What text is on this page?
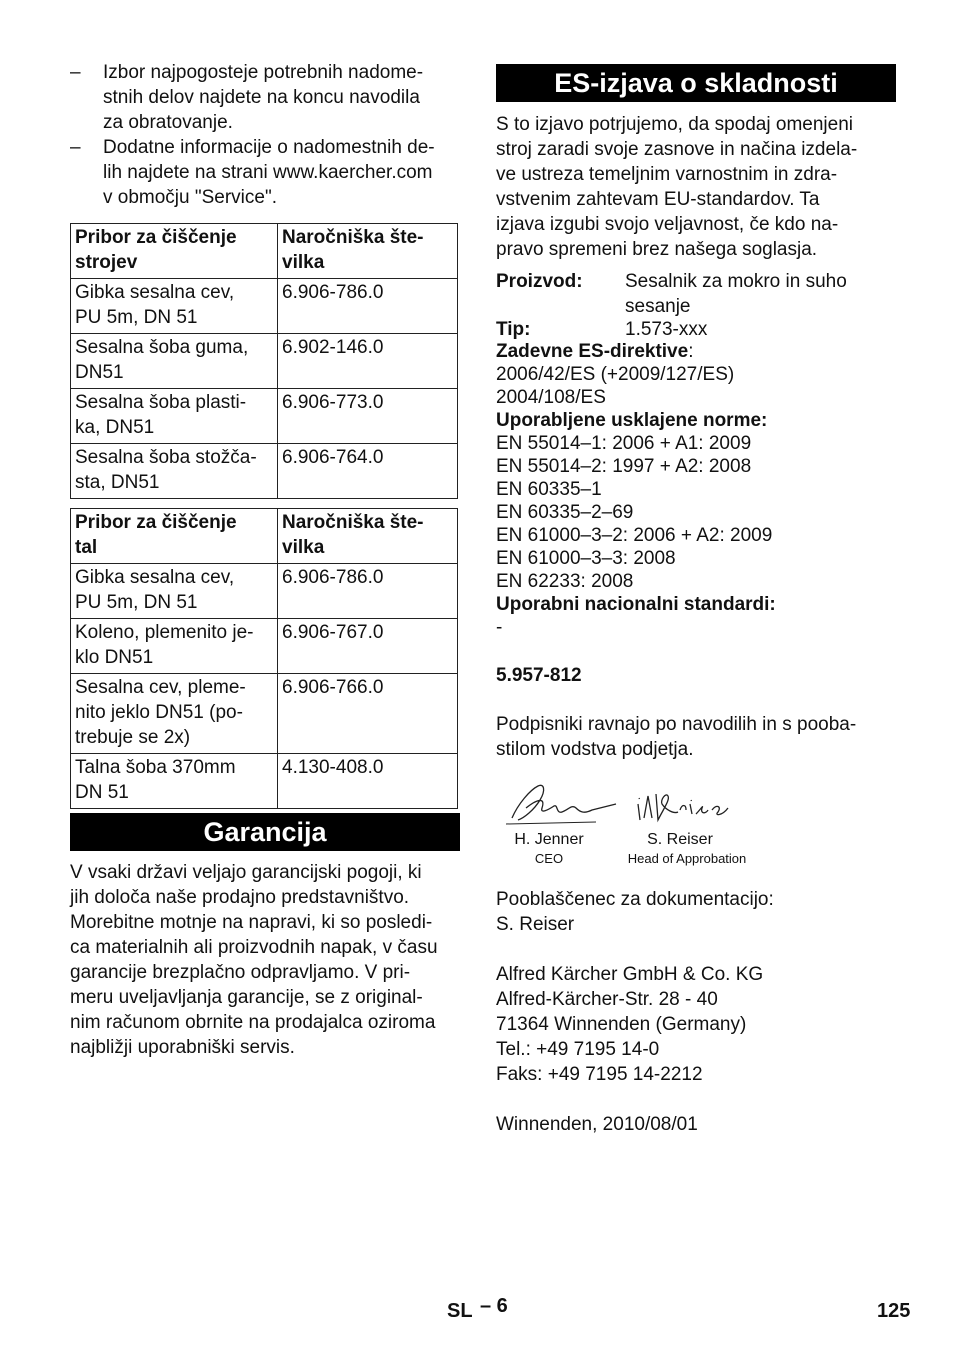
– Izbor najpogosteje potrebnih nadome-
stnih delov najdete na koncu navodila
za obratovanje.
– Dodatne informacije o nadomestnih de-
lih najdete na strani www.kaercher.com
v območju "Service".
Pribor za čiščenje
strojev	Naročniška šte-
vilka
Gibka sesalna cev,
PU 5m, DN 51	6.906-786.0
Sesalna šoba guma,
DN51	6.902-146.0
Sesalna šoba plasti-
ka, DN51	6.906-773.0
Sesalna šoba stožča-
sta, DN51	6.906-764.0
Pribor za čiščenje
tal	Naročniška šte-
vilka
Gibka sesalna cev,
PU 5m, DN 51	6.906-786.0
Koleno, plemenito je-
klo DN51	6.906-767.0
Sesalna cev, pleme-
nito jeklo DN51 (po-
trebuje se 2x)	6.906-766.0
Talna šoba 370mm
DN 51	4.130-408.0
Garancija

V vsaki državi veljajo garancijski pogoji, ki
jih določa naše prodajno predstavništvo.
Morebitne motnje na napravi, ki so posledi-
ca materialnih ali proizvodnih napak, v času
garancije brezplačno odpravljamo. V pri-
meru uveljavljanja garancije, se z original-
nim računom obrnite na prodajalca oziroma
najbližji uporabniški servis.

ES-izjava o skladnosti

S to izjavo potrjujemo, da spodaj omenjeni
stroj zaradi svoje zasnove in načina izdela-
ve ustreza temeljnim varnostnim in zdra-
vstvenim zahtevam EU-standardov. Ta
izjava izgubi svojo veljavnost, če kdo na-
pravo spremeni brez našega soglasja.

Proizvod:	Sesalnik za mokro in suho
sesanje
Tip:	1.573-xxx
Zadevne ES-direktive:
2006/42/ES (+2009/127/ES)
2004/108/ES
Uporabljene usklajene norme:
EN 55014–1: 2006 + A1: 2009
EN 55014–2: 1997 + A2: 2008
EN 60335–1
EN 60335–2–69
EN 61000–3–2: 2006 + A2: 2009
EN 61000–3–3: 2008
EN 62233: 2008
Uporabni nacionalni standardi:
-
5.957-812

Podpisniki ravnajo po navodilih in s pooba-
stilom vodstva podjetja.

H. Jenner
CEO
S. Reiser
Head of Approbation
Pooblaščenec za dokumentacijo:
S. Reiser
Alfred Kärcher GmbH & Co. KG
Alfred-Kärcher-Str. 28 - 40
71364 Winnenden (Germany)
Tel.: +49 7195 14-0
Faks: +49 7195 14-2212
Winnenden, 2010/08/01
SL – 6	125
